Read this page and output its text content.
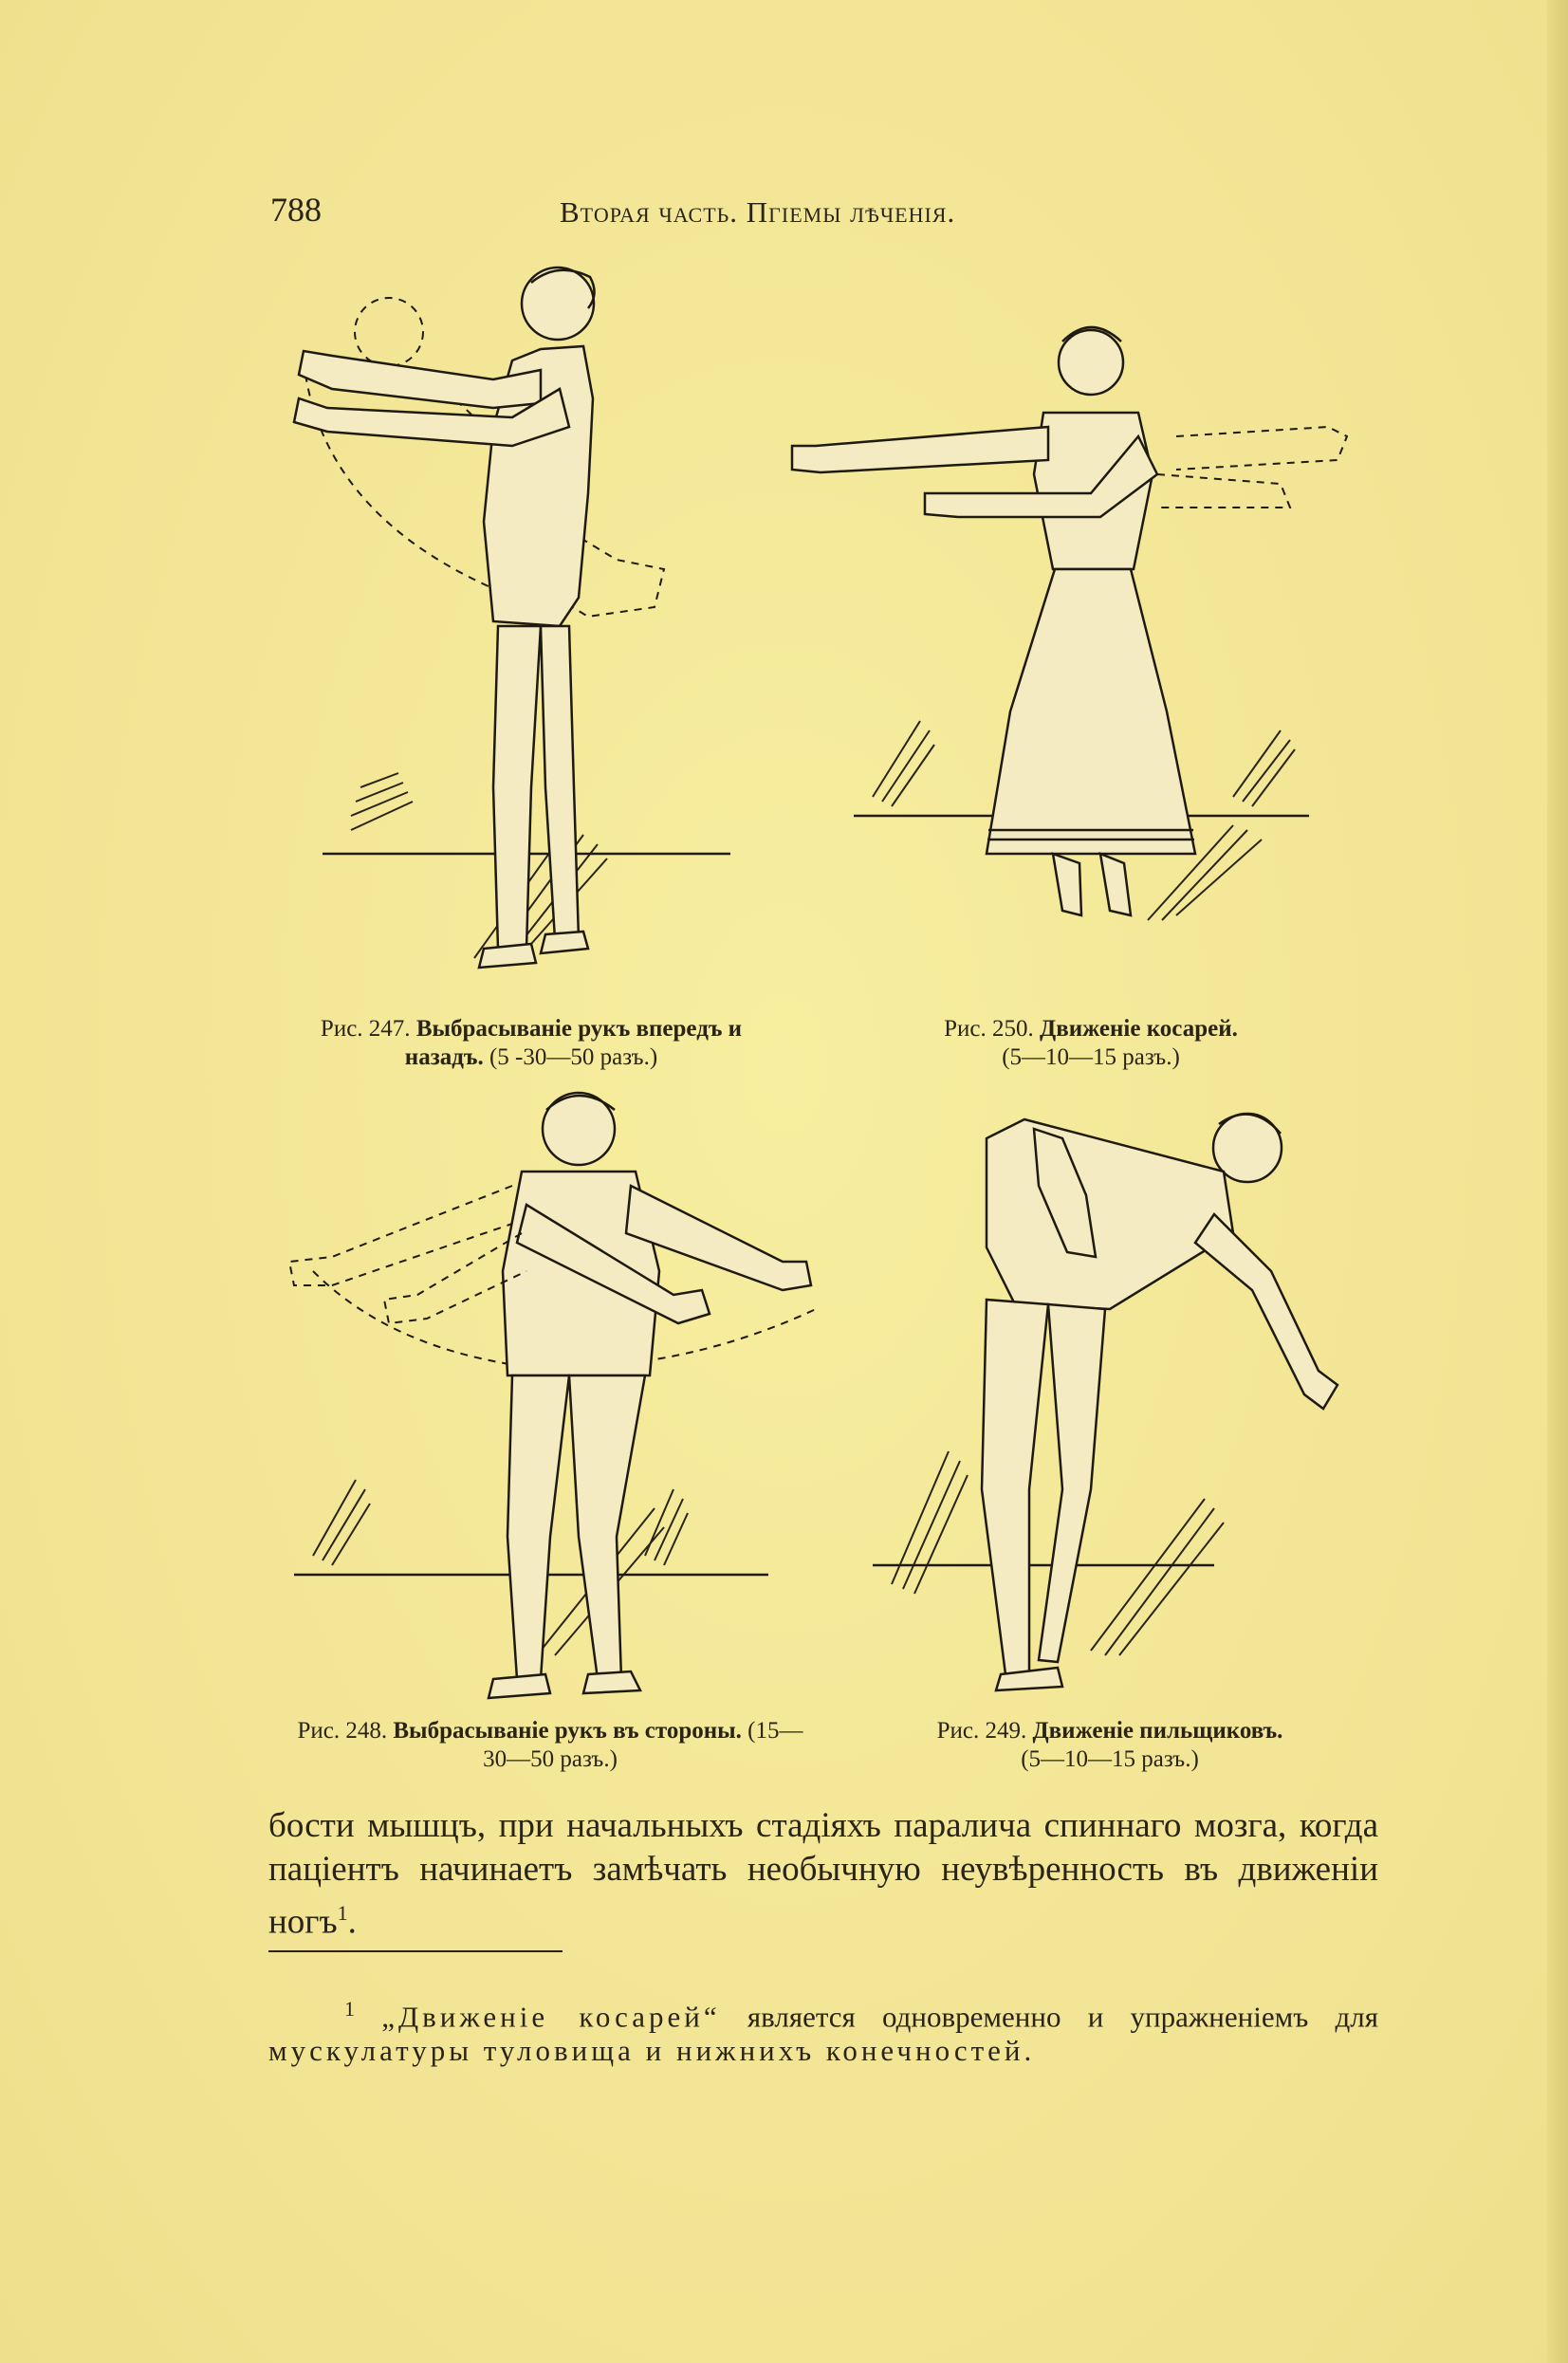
788	Вторая часть. Пгіемы лѣченія.
Рис. 247. Выбрасываніе рукъ впередъ и назадъ. (5 -30—50 разъ.)
Рис. 250. Движеніе косарей.
(5—10—15 разъ.)
Рис. 248. Выбрасываніе рукъ въ стороны. (15—30—50 разъ.)
Рис. 249. Движеніе пильщиковъ.
(5—10—15 разъ.)
бости мышцъ, при начальныхъ стадіяхъ паралича спиннаго мозга, когда паціентъ начинаетъ замѣчать необычную неувѣренность въ движеніи ногъ$^1$.
$^1$ „Движеніе косарей“ является одновременно и упражненіемъ для мускулатуры туловища и нижнихъ конечностей.
